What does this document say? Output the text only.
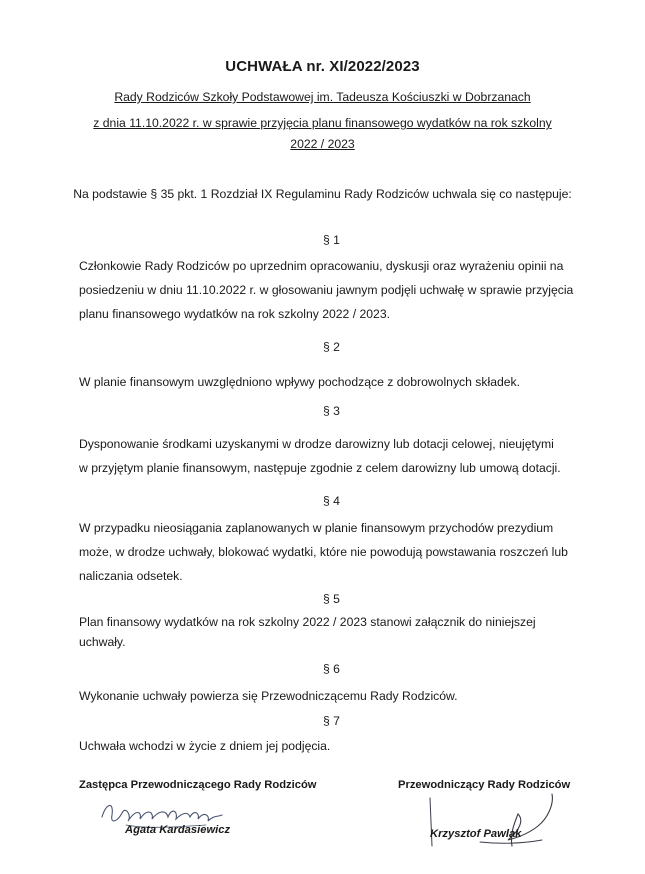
UCHWAŁA nr. XI/2022/2023
Rady Rodziców Szkoły Podstawowej im. Tadeusza Kościuszki w Dobrzanach
z dnia 11.10.2022 r. w sprawie przyjęcia planu finansowego wydatków na rok szkolny
2022 / 2023
Na podstawie § 35 pkt. 1 Rozdział IX Regulaminu Rady Rodziców uchwala się co następuje:
§ 1
Członkowie Rady Rodziców po uprzednim opracowaniu, dyskusji oraz wyrażeniu opinii na
posiedzeniu w dniu 11.10.2022 r. w głosowaniu jawnym podjęli uchwałę w sprawie przyjęcia
planu finansowego wydatków na rok szkolny 2022 / 2023.
§ 2
W planie finansowym uwzględniono wpływy pochodzące z dobrowolnych składek.
§ 3
Dysponowanie środkami uzyskanymi w drodze darowizny lub dotacji celowej, nieujętymi
w przyjętym planie finansowym, następuje zgodnie z celem darowizny lub umową dotacji.
§ 4
W przypadku nieosiągania zaplanowanych w planie finansowym przychodów prezydium
może, w drodze uchwały, blokować wydatki, które nie powodują powstawania roszczeń lub
naliczania odsetek.
§ 5
Plan finansowy wydatków na rok szkolny 2022 / 2023 stanowi załącznik do niniejszej
uchwały.
§ 6
Wykonanie uchwały powierza się Przewodniczącemu Rady Rodziców.
§ 7
Uchwała wchodzi w życie z dniem jej podjęcia.
Zastępca Przewodniczącego Rady Rodziców	Przewodniczący Rady Rodziców
Agata Kardasiewicz	Krzysztof Pawlak
